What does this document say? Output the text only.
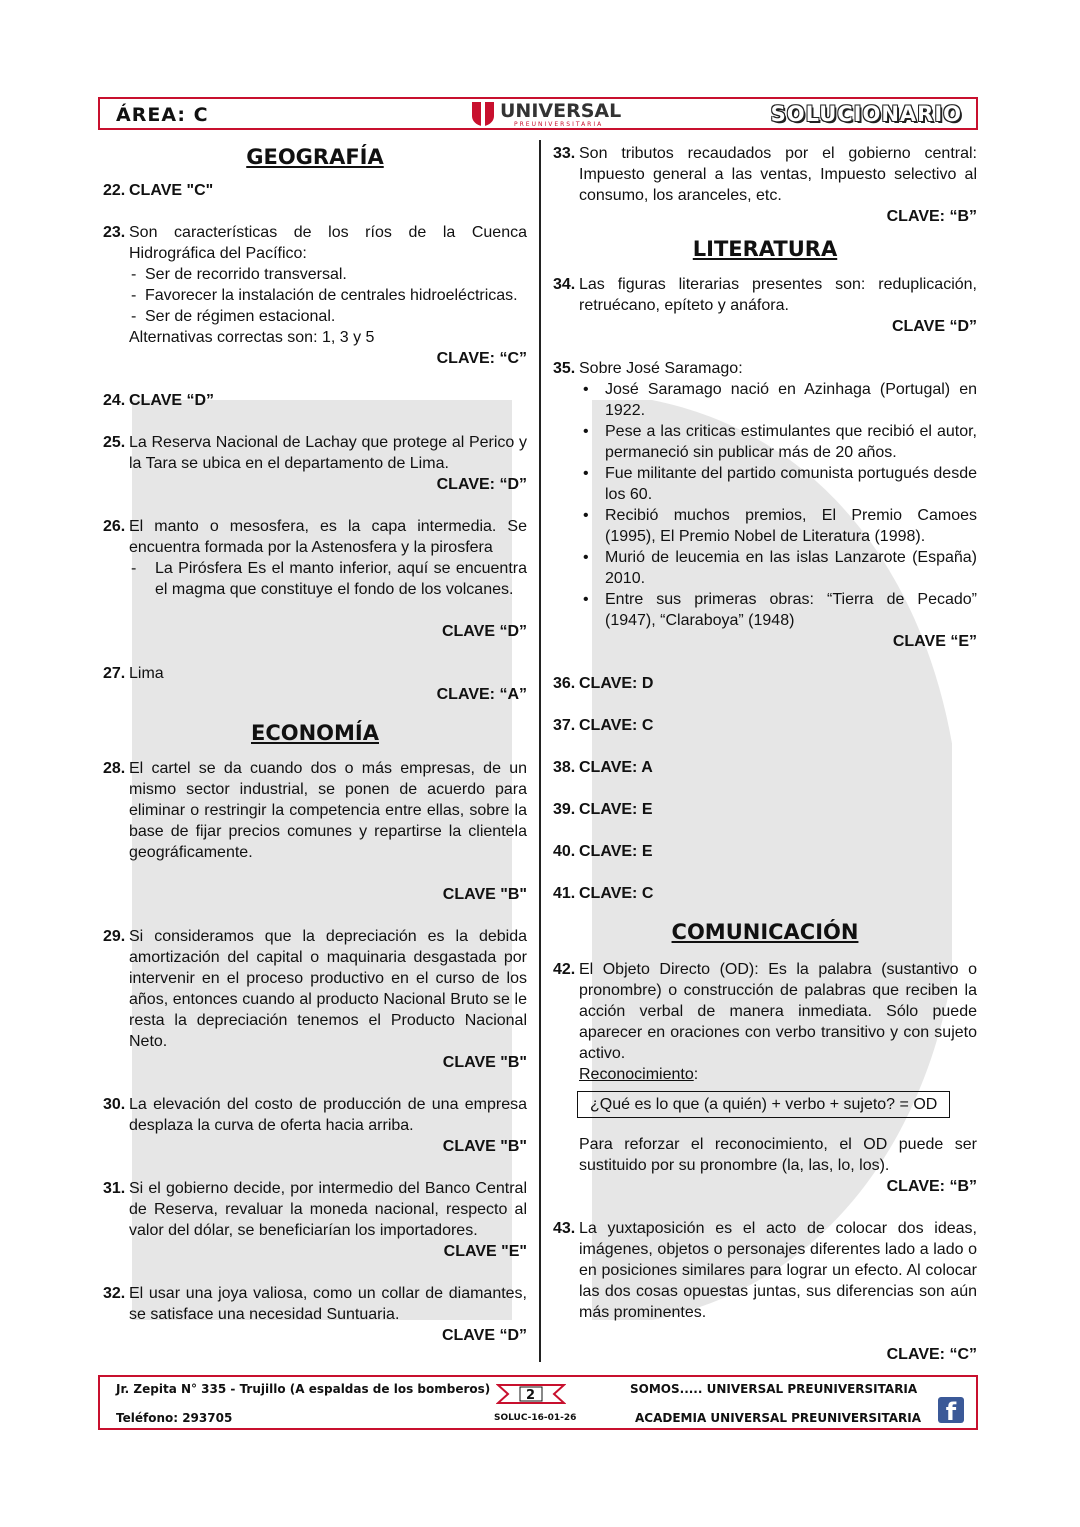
ÁREA: C	UNIVERSAL
PREUNIVERSITARIA	SOLUCIONARIO
GEOGRAFÍA
22. CLAVE "C"
23. Son características de los ríos de la Cuenca Hidrográfica del Pacífico:
- Ser de recorrido transversal.
- Favorecer la instalación de centrales hidroeléctricas.
- Ser de régimen estacional.
Alternativas correctas son: 1, 3 y 5
CLAVE: “C”
24. CLAVE “D”
25. La Reserva Nacional de Lachay que protege al Perico y la Tara se ubica en el departamento de Lima.
CLAVE: “D”
26. El manto o mesosfera, es la capa intermedia. Se encuentra formada por la Astenosfera y la pirosfera
- La Pirósfera Es el manto inferior, aquí se encuentra el magma que constituye el fondo de los volcanes.
CLAVE “D”
27. Lima
CLAVE: “A”
ECONOMÍA
28. El cartel se da cuando dos o más empresas, de un mismo sector industrial, se ponen de acuerdo para eliminar o restringir la competencia entre ellas, sobre la base de fijar precios comunes y repartirse la clientela geográficamente.
CLAVE "B"
29. Si consideramos que la depreciación es la debida amortización del capital o maquinaria desgastada por intervenir en el proceso productivo en el curso de los años, entonces cuando al producto Nacional Bruto se le resta la depreciación tenemos el Producto Nacional Neto.
CLAVE "B"
30. La elevación del costo de producción de una empresa desplaza la curva de oferta hacia arriba.
CLAVE "B"
31. Si el gobierno decide, por intermedio del Banco Central de Reserva, revaluar la moneda nacional, respecto al valor del dólar, se beneficiarían los importadores.
CLAVE "E"
32. El usar una joya valiosa, como un collar de diamantes, se satisface una necesidad Suntuaria.
CLAVE “D”
33. Son tributos recaudados por el gobierno central: Impuesto general a las ventas, Impuesto selectivo al consumo, los aranceles, etc.
CLAVE: “B”
LITERATURA
34. Las figuras literarias presentes son: reduplicación, retruécano, epíteto y anáfora.
CLAVE “D”
35. Sobre José Saramago:
• José Saramago nació en Azinhaga (Portugal) en 1922.
• Pese a las criticas estimulantes que recibió el autor, permaneció sin publicar más de 20 años.
• Fue militante del partido comunista portugués desde los 60.
• Recibió muchos premios, El Premio Camoes (1995), El Premio Nobel de Literatura (1998).
• Murió de leucemia en las islas Lanzarote (España) 2010.
• Entre sus primeras obras: “Tierra de Pecado” (1947), “Claraboya” (1948)
CLAVE “E”
36. CLAVE: D
37. CLAVE: C
38. CLAVE: A
39. CLAVE: E
40. CLAVE: E
41. CLAVE: C
COMUNICACIÓN
42. El Objeto Directo (OD): Es la palabra (sustantivo o pronombre) o construcción de palabras que reciben la acción verbal de manera inmediata. Sólo puede aparecer en oraciones con verbo transitivo y con sujeto activo.
Reconocimiento:
¿Qué es lo que (a quién) + verbo + sujeto? = OD
Para reforzar el reconocimiento, el OD puede ser sustituido por su pronombre (la, las, lo, los).
CLAVE: “B”
43. La yuxtaposición es el acto de colocar dos ideas, imágenes, objetos o personajes diferentes lado a lado o en posiciones similares para lograr un efecto. Al colocar las dos cosas opuestas juntas, sus diferencias son aún más prominentes.
CLAVE: “C”
Jr. Zepita N° 335 - Trujillo (A espaldas de los bomberos)
Teléfono: 293705
2
SOLUC-16-01-26
SOMOS..... UNIVERSAL PREUNIVERSITARIA
ACADEMIA UNIVERSAL PREUNIVERSITARIA	f
